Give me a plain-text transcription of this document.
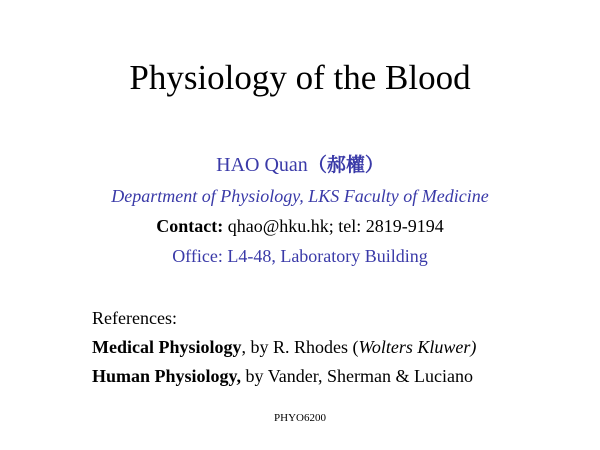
Physiology of the Blood
HAO Quan（郝權）
Department of Physiology, LKS Faculty of Medicine
Contact: qhao@hku.hk; tel: 2819-9194
Office: L4-48, Laboratory Building
References:
Medical Physiology, by R. Rhodes (Wolters Kluwer)
Human Physiology, by Vander, Sherman & Luciano
PHYO6200
